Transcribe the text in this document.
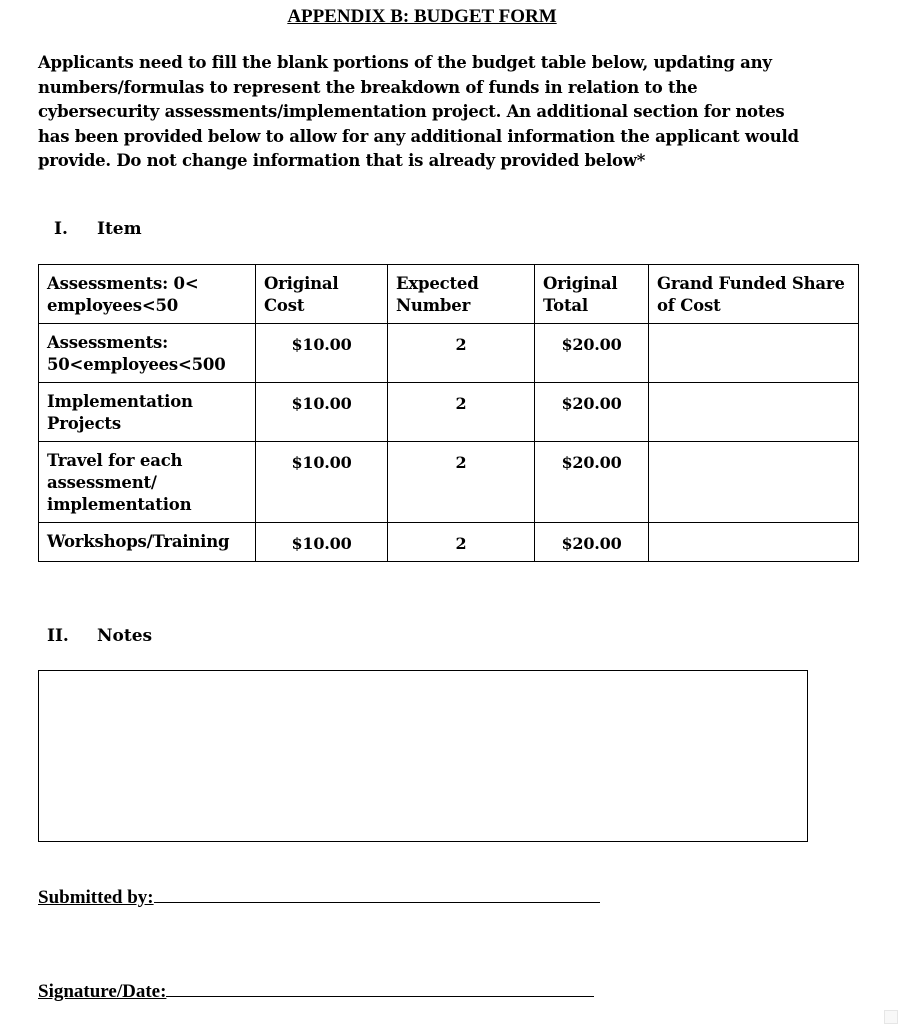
APPENDIX B: BUDGET FORM
Applicants need to fill the blank portions of the budget table below, updating any numbers/formulas to represent the breakdown of funds in relation to the cybersecurity assessments/implementation project. An additional section for notes has been provided below to allow for any additional information the applicant would provide. Do not change information that is already provided below*
I. Item
Assessments: 0< employees<50	Original Cost	Expected Number	Original Total	Grand Funded Share of Cost
Assessments: 50<employees<500	$10.00	2	$20.00	
Implementation Projects	$10.00	2	$20.00	
Travel for each assessment/ implementation	$10.00	2	$20.00	
Workshops/Training	$10.00	2	$20.00	
II. Notes
Submitted by:
Signature/Date:
